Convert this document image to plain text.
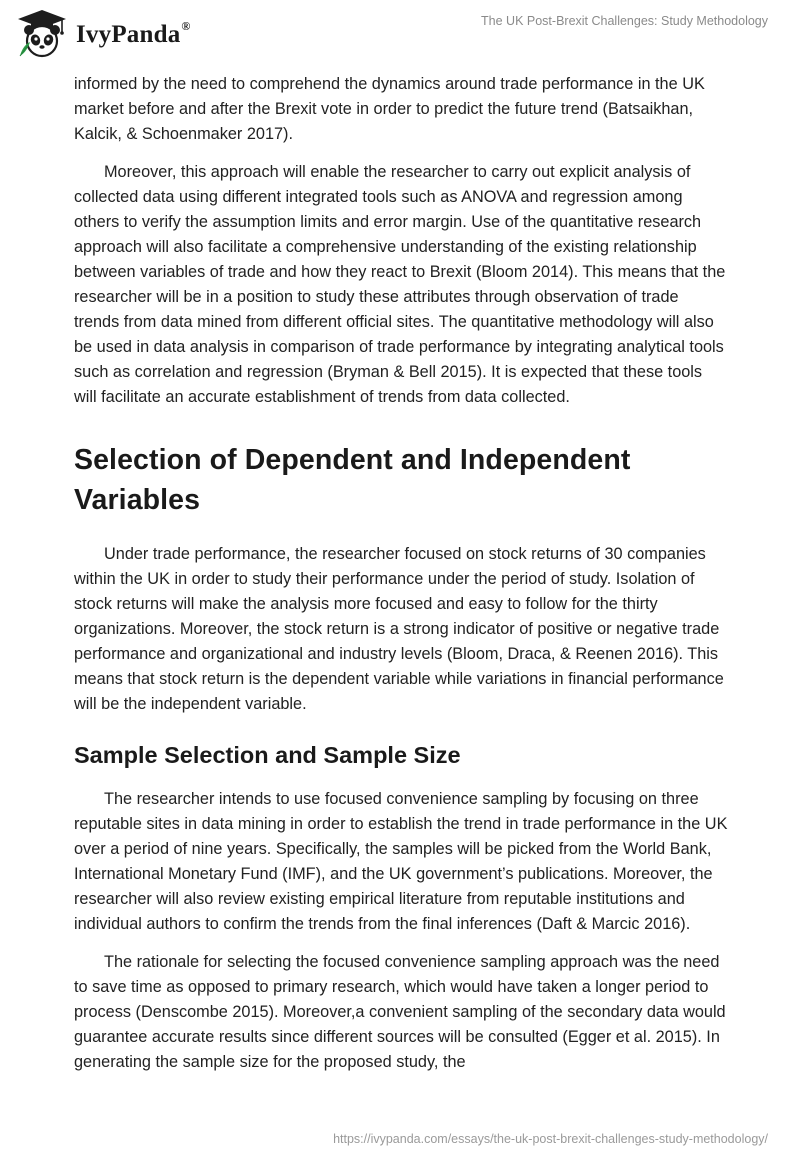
IvyPanda®	The UK Post-Brexit Challenges: Study Methodology

informed by the need to comprehend the dynamics around trade performance in the UK market before and after the Brexit vote in order to predict the future trend (Batsaikhan, Kalcik, & Schoenmaker 2017).

Moreover, this approach will enable the researcher to carry out explicit analysis of collected data using different integrated tools such as ANOVA and regression among others to verify the assumption limits and error margin. Use of the quantitative research approach will also facilitate a comprehensive understanding of the existing relationship between variables of trade and how they react to Brexit (Bloom 2014). This means that the researcher will be in a position to study these attributes through observation of trade trends from data mined from different official sites. The quantitative methodology will also be used in data analysis in comparison of trade performance by integrating analytical tools such as correlation and regression (Bryman & Bell 2015). It is expected that these tools will facilitate an accurate establishment of trends from data collected.

Selection of Dependent and Independent Variables

Under trade performance, the researcher focused on stock returns of 30 companies within the UK in order to study their performance under the period of study. Isolation of stock returns will make the analysis more focused and easy to follow for the thirty organizations. Moreover, the stock return is a strong indicator of positive or negative trade performance and organizational and industry levels (Bloom, Draca, & Reenen 2016). This means that stock return is the dependent variable while variations in financial performance will be the independent variable.

Sample Selection and Sample Size

The researcher intends to use focused convenience sampling by focusing on three reputable sites in data mining in order to establish the trend in trade performance in the UK over a period of nine years. Specifically, the samples will be picked from the World Bank, International Monetary Fund (IMF), and the UK government’s publications. Moreover, the researcher will also review existing empirical literature from reputable institutions and individual authors to confirm the trends from the final inferences (Daft & Marcic 2016).

The rationale for selecting the focused convenience sampling approach was the need to save time as opposed to primary research, which would have taken a longer period to process (Denscombe 2015). Moreover,a convenient sampling of the secondary data would guarantee accurate results since different sources will be consulted (Egger et al. 2015). In generating the sample size for the proposed study, the

https://ivypanda.com/essays/the-uk-post-brexit-challenges-study-methodology/
